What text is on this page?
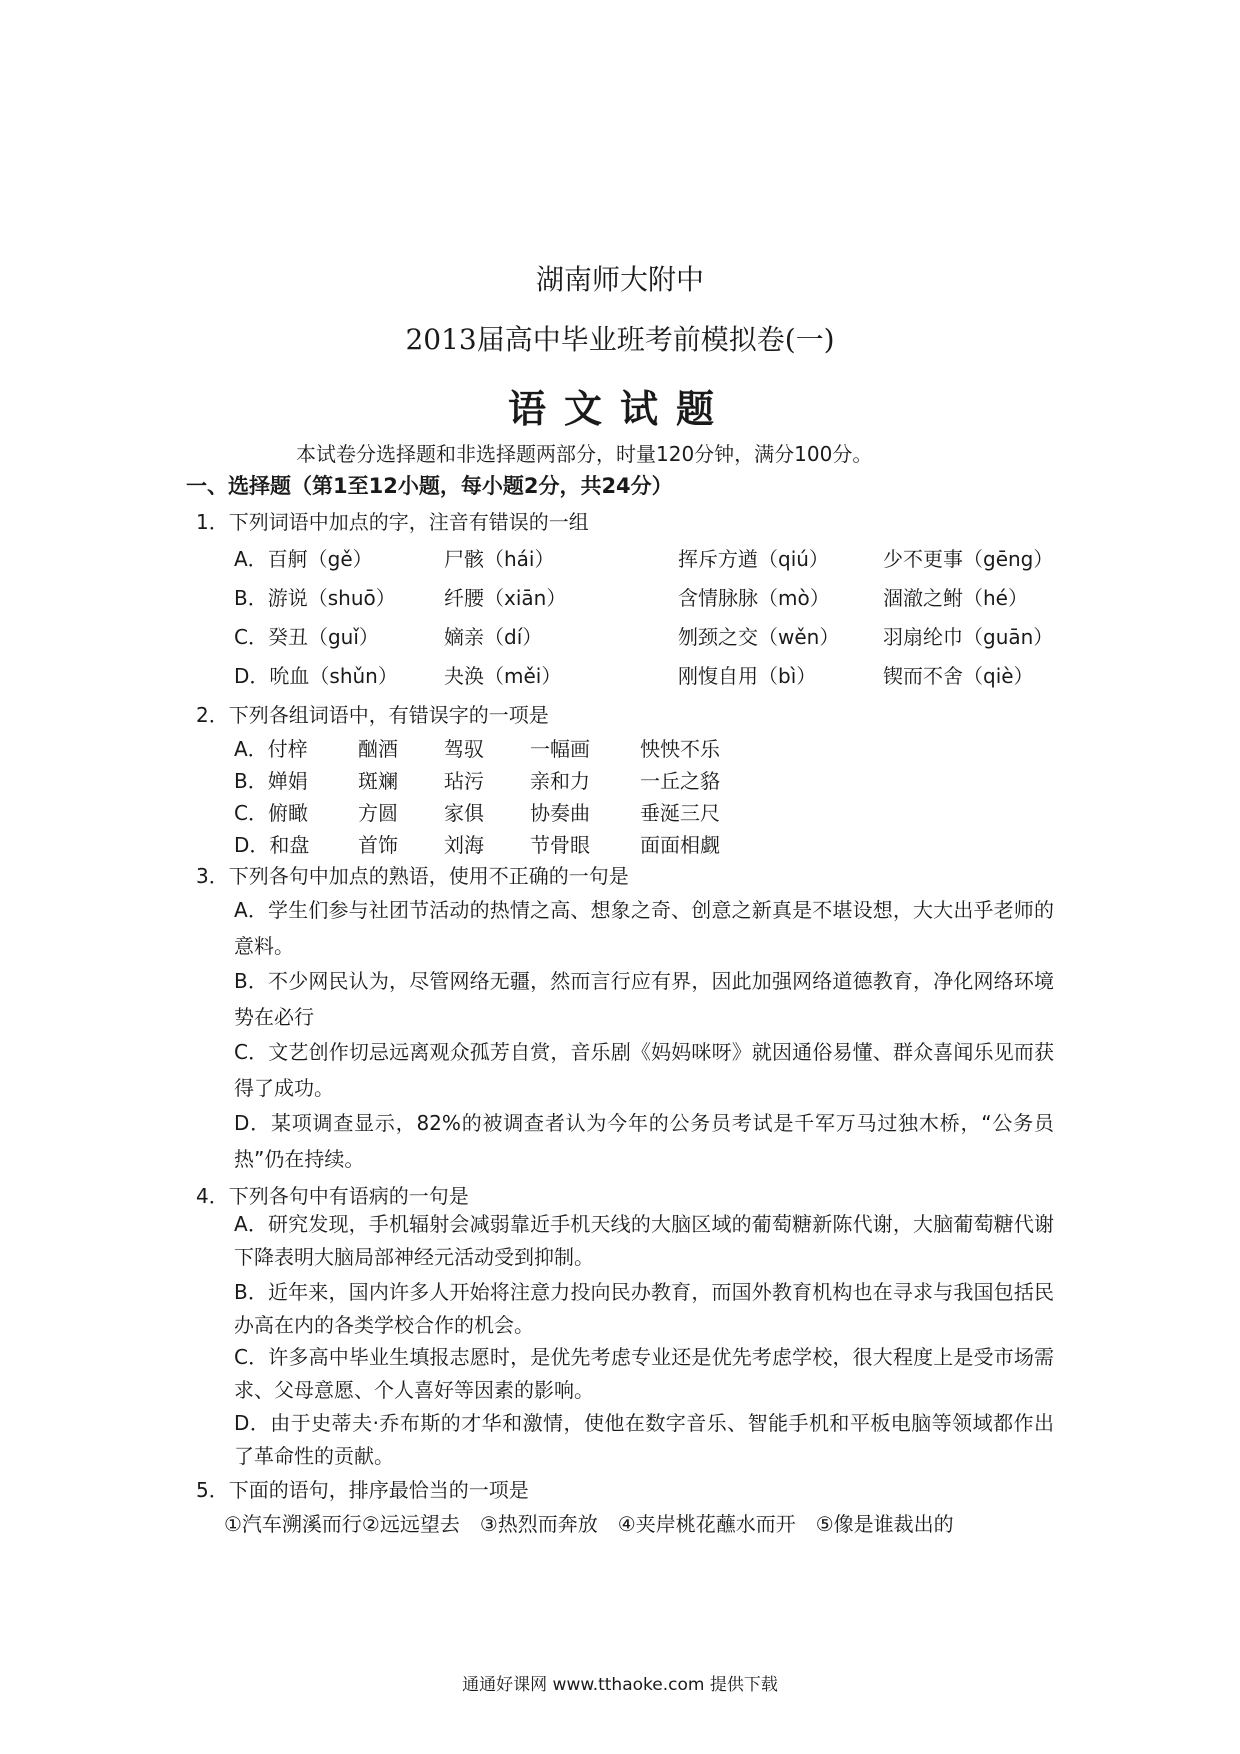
湖南师大附中
2013届高中毕业班考前模拟卷(一)
语文试题
本试卷分选择题和非选择题两部分，时量120分钟，满分100分。
一、选择题（第1至12小题，每小题2分，共24分）
1．下列词语中加点的字，注音有错误的一组
A．百舸（gě）	尸骸（hái）	挥斥方遒（qiú）	少不更事（gēng）
B．游说（shuō） 纤腰（xiān）	含情脉脉（mò）	涸澈之鲋（hé）
C．癸丑（guǐ）	嫡亲（dí）	刎颈之交（wěn） 羽扇纶巾（guān）
D．吮血（shǔn） 夬涣（měi）	刚愎自用（bì）	锲而不舍（qiè）
2．下列各组词语中，有错误字的一项是
A．付梓	酗酒 驾驭 一幅画	怏怏不乐
B．婵娟	斑斓 玷污 亲和力	一丘之貉
C．俯瞰	方圆 家俱 协奏曲	垂涎三尺
D．和盘 首饰 刘海 节骨眼	面面相觑
3．下列各句中加点的熟语，使用不正确的一句是
A．学生们参与社团节活动的热情之高、想象之奇、创意之新真是不堪设想，大大出乎老师的意料。
B．不少网民认为，尽管网络无疆，然而言行应有界，因此加强网络道德教育，净化网络环境势在必行
C．文艺创作切忌远离观众孤芳自赏，音乐剧《妈妈咪呀》就因通俗易懂、群众喜闻乐见而获得了成功。
D．某项调查显示，82%的被调查者认为今年的公务员考试是千军万马过独木桥，“公务员热”仍在持续。
4．下列各句中有语病的一句是
A．研究发现，手机辐射会减弱靠近手机天线的大脑区域的葡萄糖新陈代谢，大脑葡萄糖代谢下降表明大脑局部神经元活动受到抑制。
B．近年来，国内许多人开始将注意力投向民办教育，而国外教育机构也在寻求与我国包括民办高在内的各类学校合作的机会。
C．许多高中毕业生填报志愿时，是优先考虑专业还是优先考虑学校，很大程度上是受市场需求、父母意愿、个人喜好等因素的影响。
D．由于史蒂夫·乔布斯的才华和激情，使他在数字音乐、智能手机和平板电脑等领域都作出了革命性的贡献。
5．下面的语句，排序最恰当的一项是
①汽车溯溪而行②远远望去　③热烈而奔放　④夹岸桃花蘸水而开　⑤像是谁裁出的
通通好课网 www.tthaoke.com 提供下载
